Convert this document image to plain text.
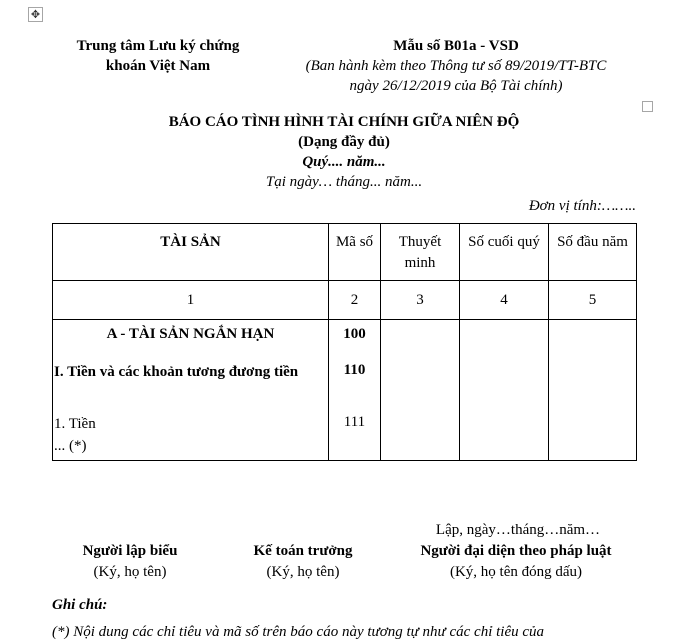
✥
Trung tâm Lưu ký chứng
khoán Việt Nam
Mẫu số B01a - VSD
(Ban hành kèm theo Thông tư số 89/2019/TT-BTC
ngày 26/12/2019 của Bộ Tài chính)
BÁO CÁO TÌNH HÌNH TÀI CHÍNH GIỮA NIÊN ĐỘ
(Dạng đầy đủ)
Quý.... năm...
Tại ngày… tháng... năm...
Đơn vị tính:……..
TÀI SẢN	Mã số	Thuyết minh	Số cuối quý	Số đầu năm
1	2	3	4	5

A - TÀI SẢN NGẮN HẠN	100			

I. Tiền và các khoản tương đương tiền	110			

1. Tiền	111			

... (*)				

Lập, ngày…tháng…năm…
Người lập biểu
(Ký, họ tên)
Kế toán trưởng
(Ký, họ tên)
Người đại diện theo pháp luật
(Ký, họ tên đóng dấu)
Ghi chú:
(*) Nội dung các chỉ tiêu và mã số trên báo cáo này tương tự như các chỉ tiêu của
